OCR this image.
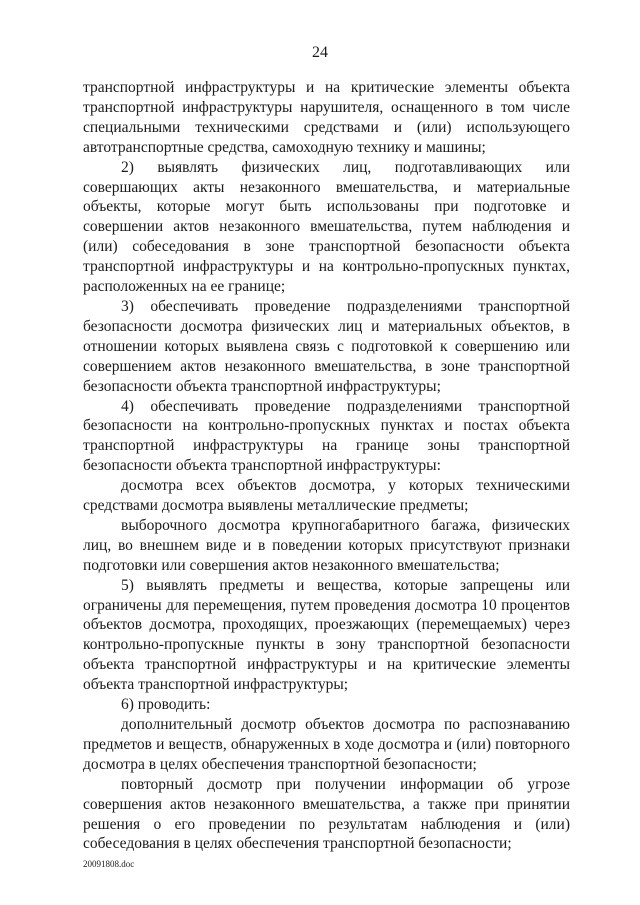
24

транспортной инфраструктуры и на критические элементы объекта транспортной инфраструктуры нарушителя, оснащенного в том числе специальными техническими средствами и (или) использующего автотранспортные средства, самоходную технику и машины;

2) выявлять физических лиц, подготавливающих или совершающих акты незаконного вмешательства, и материальные объекты, которые могут быть использованы при подготовке и совершении актов незаконного вмешательства, путем наблюдения и (или) собеседования в зоне транспортной безопасности объекта транспортной инфраструктуры и на контрольно-пропускных пунктах, расположенных на ее границе;

3) обеспечивать проведение подразделениями транспортной безопасности досмотра физических лиц и материальных объектов, в отношении которых выявлена связь с подготовкой к совершению или совершением актов незаконного вмешательства, в зоне транспортной безопасности объекта транспортной инфраструктуры;

4) обеспечивать проведение подразделениями транспортной безопасности на контрольно-пропускных пунктах и постах объекта транспортной инфраструктуры на границе зоны транспортной безопасности объекта транспортной инфраструктуры:

досмотра всех объектов досмотра, у которых техническими средствами досмотра выявлены металлические предметы;

выборочного досмотра крупногабаритного багажа, физических лиц, во внешнем виде и в поведении которых присутствуют признаки подготовки или совершения актов незаконного вмешательства;

5) выявлять предметы и вещества, которые запрещены или ограничены для перемещения, путем проведения досмотра 10 процентов объектов досмотра, проходящих, проезжающих (перемещаемых) через контрольно-пропускные пункты в зону транспортной безопасности объекта транспортной инфраструктуры и на критические элементы объекта транспортной инфраструктуры;

6) проводить:

дополнительный досмотр объектов досмотра по распознаванию предметов и веществ, обнаруженных в ходе досмотра и (или) повторного досмотра в целях обеспечения транспортной безопасности;

повторный досмотр при получении информации об угрозе совершения актов незаконного вмешательства, а также при принятии решения о его проведении по результатам наблюдения и (или) собеседования в целях обеспечения транспортной безопасности;

20091808.doc
